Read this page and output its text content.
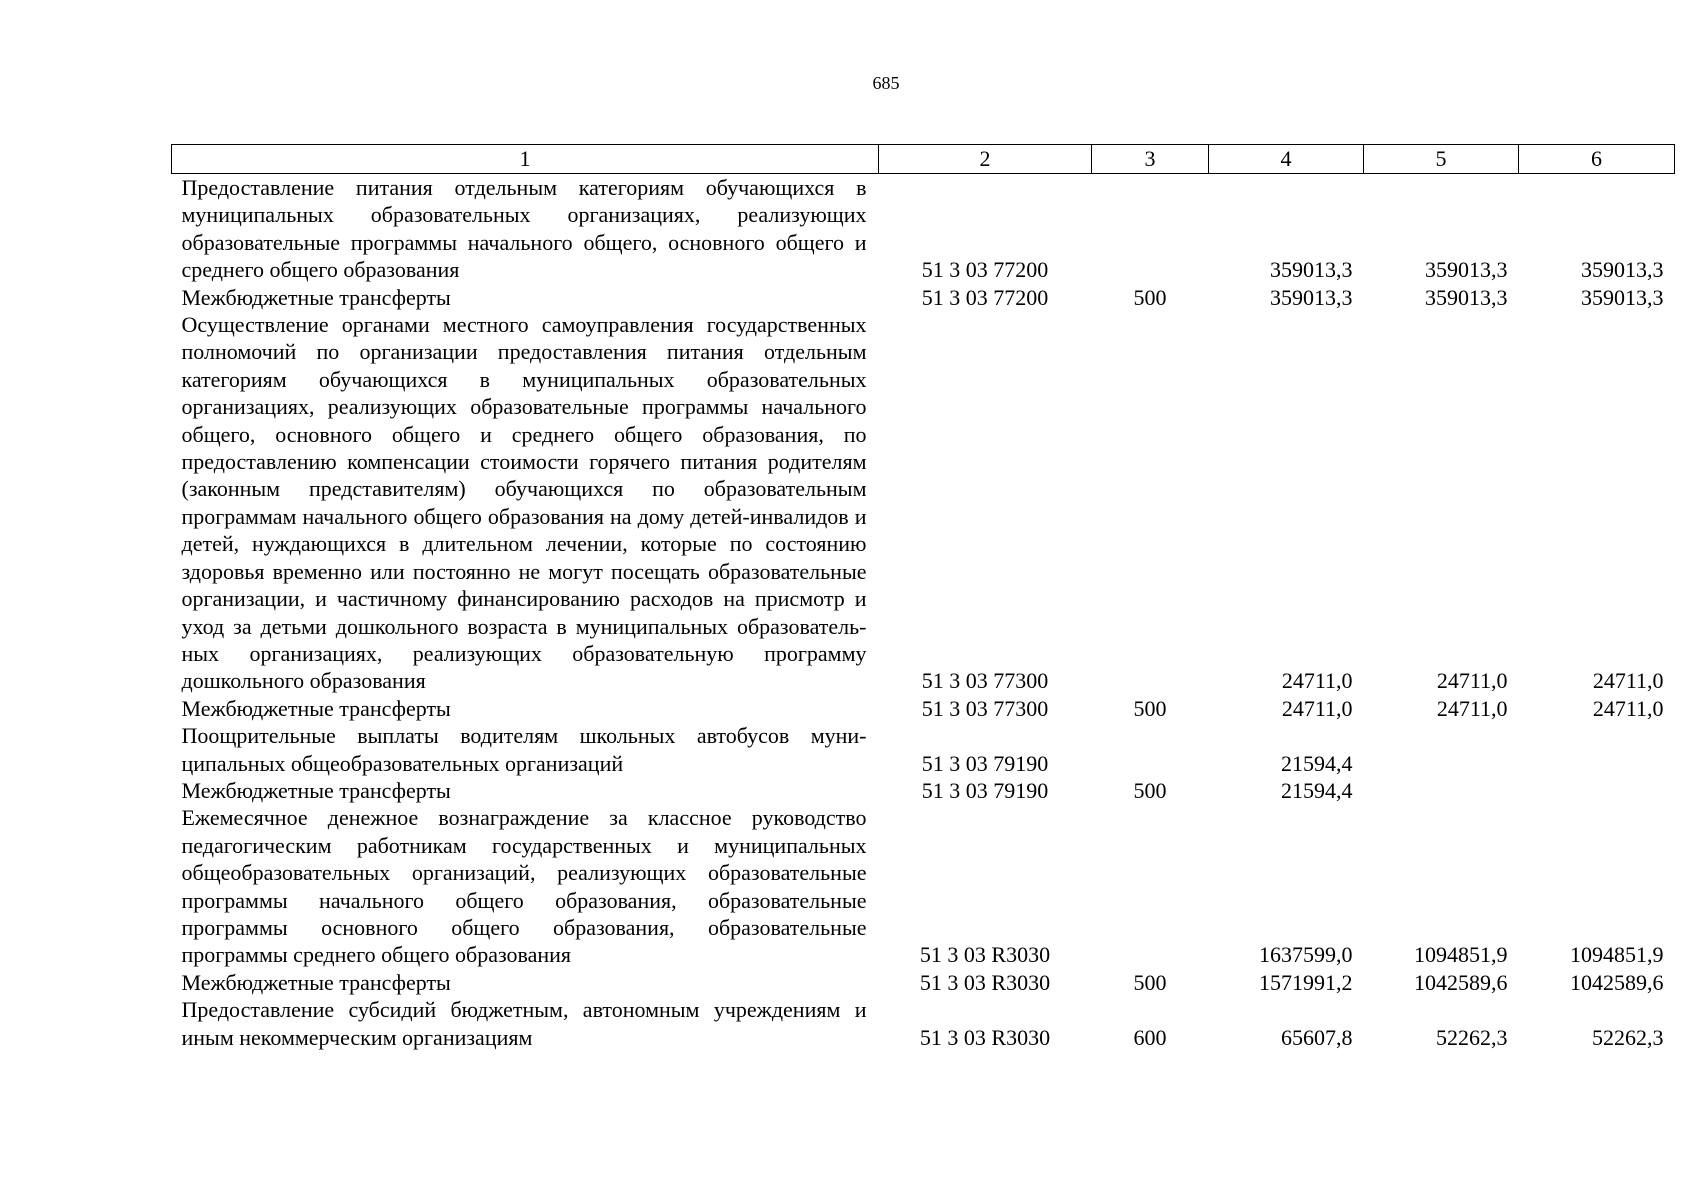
685
1	2	3	4	5	6
Предоставление питания отдельным категориям обучающихся в муниципальных образовательных организациях, реализующих образовательные программы начального общего, основного общего и среднего общего образования	51 3 03 77200		359013,3	359013,3	359013,3
Межбюджетные трансферты	51 3 03 77200	500	359013,3	359013,3	359013,3
Осуществление органами местного самоуправления государственных полномочий по организации предоставления питания отдельным категориям обучающихся в муниципальных образовательных организациях, реализующих образовательные программы начального общего, основного общего и среднего общего образования, по предоставлению компенсации стоимости горячего питания родителям (законным представителям) обучающихся по образовательным программам начального общего образования на дому детей-инвалидов и детей, нуждающихся в длительном лечении, которые по состоянию здоровья временно или постоянно не могут посещать образовательные организации, и частичному финансированию расходов на присмотр и уход за детьми дошкольного возраста в муниципальных образовательных организациях, реализующих образовательную программу дошкольного образования	51 3 03 77300		24711,0	24711,0	24711,0
Межбюджетные трансферты	51 3 03 77300	500	24711,0	24711,0	24711,0
Поощрительные выплаты водителям школьных автобусов муниципальных общеобразовательных организаций	51 3 03 79190		21594,4		
Межбюджетные трансферты	51 3 03 79190	500	21594,4		
Ежемесячное денежное вознаграждение за классное руководство педагогическим работникам государственных и муниципальных общеобразовательных организаций, реализующих образовательные программы начального общего образования, образовательные программы основного общего образования, образовательные программы среднего общего образования	51 3 03 R3030		1637599,0	1094851,9	1094851,9
Межбюджетные трансферты	51 3 03 R3030	500	1571991,2	1042589,6	1042589,6
Предоставление субсидий бюджетным, автономным учреждениям и иным некоммерческим организациям	51 3 03 R3030	600	65607,8	52262,3	52262,3
